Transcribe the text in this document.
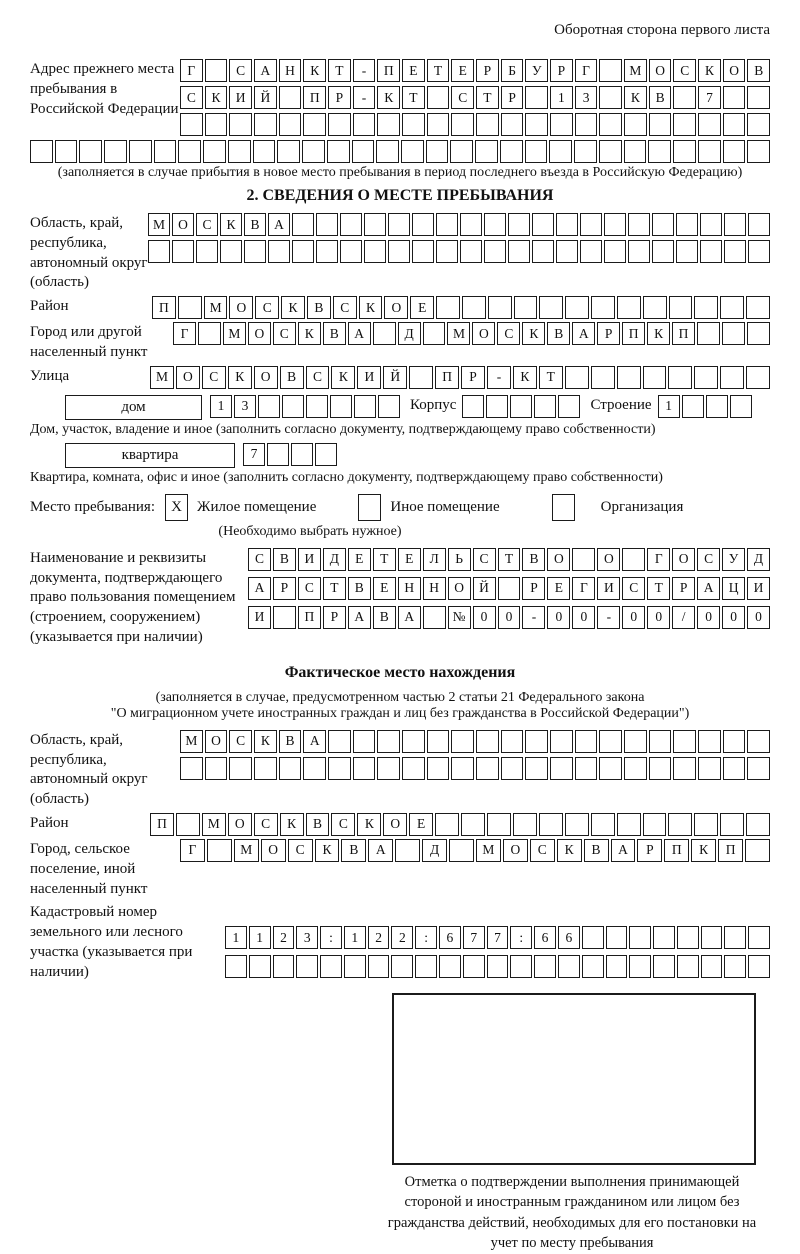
Оборотная сторона первого листа
Адрес прежнего места пребывания в Российской Федерации
Г	С	А	Н	К	Т	-	П	Е	Т	Е	Р	Б	У	Р	Г	М	О	С	К	О	В
С	К	И	Й	П	Р	-	К	Т	С	Т	Р	1	3	К	В	7
(заполняется в случае прибытия в новое место пребывания в период последнего въезда в Российскую Федерацию)
2. СВЕДЕНИЯ О МЕСТЕ ПРЕБЫВАНИЯ
Область, край, республика, автономный округ (область)
М О	С	К	В	А
Район	П	М	О	С	К	В	С	К	О	Е
Город или другой населенный пункт
Г	М	О	С	К	В	А	Д	М	О	С	К	В	А	Р	П	К	П
Улица	М	О	С	К	О	В	С	К	И	Й	П	Р	-	К	Т
дом	1	3	Корпус	Строение	1
Дом, участок, владение и иное (заполнить согласно документу, подтверждающему право собственности)
квартира	7
Квартира, комната, офис и иное (заполнить согласно документу, подтверждающему право собственности)
Место пребывания:	X	Жилое помещение	Иное помещение	Организация
(Необходимо выбрать нужное)
Наименование и реквизиты документа, подтверждающего право пользования помещением (строением, сооружением) (указывается при наличии)
С	В	И	Д	Е	Т	Е	Л	Ь	С	Т	В	О	О	Г	О	С	У	Д
А	Р	С	Т	В	Е	Н	Н	О	Й	Р	Е	Г	И	С	Т	Р	А	Ц	И
И	П	Р	А	В	А	№	0	0	-	0	0	-	0	0	/	0	0	0
Фактическое место нахождения
(заполняется в случае, предусмотренном частью 2 статьи 21 Федерального закона
"О миграционном учете иностранных граждан и лиц без гражданства в Российской Федерации")
Область, край, республика, автономный округ (область)
М	О	С	К	В	А
Район	П	М	О	С	К	В	С	К	О	Е
Город, сельское поселение, иной населенный пункт
Г	М	О	С	К	В	А	Д	М	О	С	К	В	А	Р	П	К	П
Кадастровый номер земельного или лесного участка (указывается при наличии)
1	1	2	3	:	1	2	2	:	6	7	7	:	6	6
Отметка о подтверждении выполнения принимающей стороной и иностранным гражданином или лицом без гражданства действий, необходимых для его постановки на учет по месту пребывания
